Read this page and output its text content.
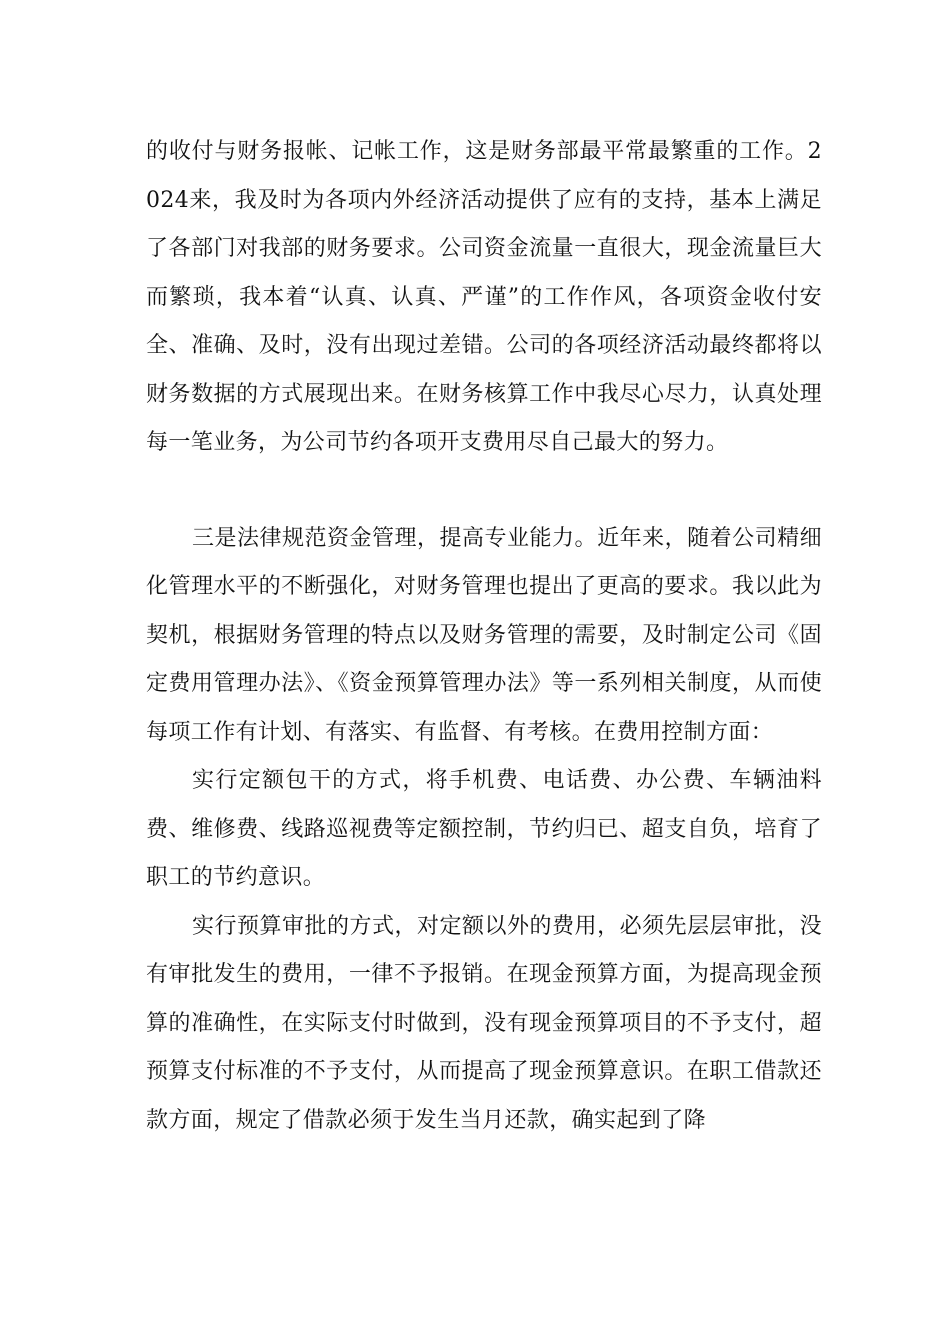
的收付与财务报帐、记帐工作，这是财务部最平常最繁重的工作。2024来，我及时为各项内外经济活动提供了应有的支持，基本上满足了各部门对我部的财务要求。公司资金流量一直很大，现金流量巨大而繁琐，我本着“认真、认真、严谨”的工作作风，各项资金收付安全、准确、及时，没有出现过差错。公司的各项经济活动最终都将以财务数据的方式展现出来。在财务核算工作中我尽心尽力，认真处理每一笔业务，为公司节约各项开支费用尽自己最大的努力。

三是法律规范资金管理，提高专业能力。近年来，随着公司精细化管理水平的不断强化，对财务管理也提出了更高的要求。我以此为契机，根据财务管理的特点以及财务管理的需要，及时制定公司《固定费用管理办法》、《资金预算管理办法》等一系列相关制度，从而使每项工作有计划、有落实、有监督、有考核。在费用控制方面：

实行定额包干的方式，将手机费、电话费、办公费、车辆油料费、维修费、线路巡视费等定额控制，节约归已、超支自负，培育了职工的节约意识。

实行预算审批的方式，对定额以外的费用，必须先层层审批，没有审批发生的费用，一律不予报销。在现金预算方面，为提高现金预算的准确性，在实际支付时做到，没有现金预算项目的不予支付，超预算支付标准的不予支付，从而提高了现金预算意识。在职工借款还款方面，规定了借款必须于发生当月还款，确实起到了降
